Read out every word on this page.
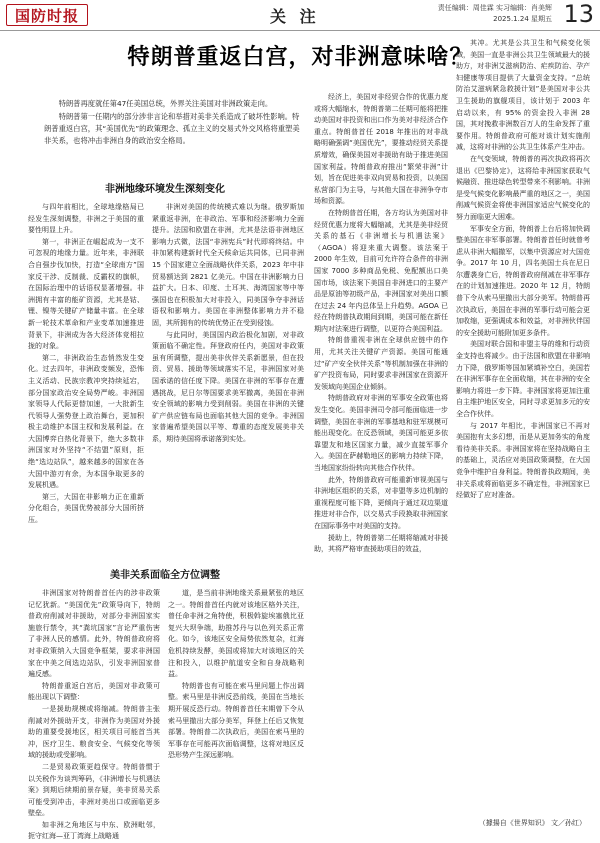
国防时报	关 注	责任编辑：周佳霖 实习编辑：肖美辉
2025.1.24 星期五 13
特朗普重返白宫，对非洲意味啥？

特朗普再度就任第47任美国总统，外界关注美国对非洲政策走向。

特朗普第一任期内的部分涉非言论和举措对美非关系造成了破坏性影响。特朗普重返白宫，其“美国优先”的政策理念、孤立主义的交易式外交风格将重塑美非关系，也将冲击非洲自身的政治安全格局。

非洲地缘环境发生深刻变化

与四年前相比，全球地缘格局已经发生深刻调整，非洲之于美国的重要性明显上升。

第一，非洲正在崛起成为一支不可忽视的地缘力量。近年来，非洲联合自强步伐加快，打造“全球南方”国家反干涉、反制裁、反霸权的旗帜，在国际治理中的话语权显著增强。非洲拥有丰富的能矿资源，尤其是钴、锂、镍等关键矿产储量丰富。在全球新一轮技术革命和产业变革加速推进背景下，非洲成为各大经济体竞相拉拢的对象。

第二，非洲政治生态悄然发生变化。过去四年，非洲政变频发，恐怖主义活动、民族宗教冲突持续延宕，部分国家政治安全局势严峻。非洲国家领导人代际更替加速，一大批新生代领导人强势登上政治舞台，更加积极主动维护本国主权和发展利益。在大国博弈白热化背景下，绝大多数非洲国家对外坚持“不结盟”原则，拒绝“选边站队”，越来越多的国家在各大国中游刃有余，为本国争取更多的发展机遇。

第三，大国在非影响力正在重新分化组合，美国优势被部分大国所挤压。

非洲对美国的传统模式难以为继。俄罗斯加紧重返非洲，在非政治、军事和经济影响力全面提升。法国和欧盟在非洲，尤其是法语非洲地区影响力式微，法国“非洲宪兵”时代即将终结。中非加紧构建新时代全天候命运共同体，已同非洲 15 个国家建立全面战略伙伴关系，2023 年中非贸易额达到 2821 亿美元。中国在非洲影响力日益扩大。日本、印度、土耳其、海湾国家等中等强国也在积极加大对非投入，同美国争夺非洲话语权和影响力。美国在非洲整体影响力并不稳固，其所拥有的传统优势正在受到侵蚀。

与此同时，美国国内政治极化加剧，对非政策面临不确定性。拜登政府任内，美国对非政策虽有所调整，提出美非伙伴关系新愿景，但在投资、贸易、援助等领域落实不足，非洲国家对美国承诺的信任度下降。美国在非洲的军事存在遭遇挑战，尼日尔等国要求美军撤离，美国在非洲安全领域的影响力受到削弱。美国在非洲的关键矿产供应链布局也面临其他大国的竞争。非洲国家普遍希望美国以平等、尊重的态度发展美非关系，期待美国将承诺落到实处。

美非关系面临全方位调整

非洲国家对特朗普首任内的涉非政策记忆犹新。“美国优先”政策导向下，特朗普政府削减对非援助，对部分非洲国家实施旅行禁令，其“粪坑国家”言论严重伤害了非洲人民的感情。此外，特朗普政府将对非政策纳入大国竞争框架，要求非洲国家在中美之间选边站队，引发非洲国家普遍反感。

特朗普重返白宫后，美国对非政策可能出现以下调整：

一是援助规模或将缩减。特朗普主张削减对外援助开支，非洲作为美国对外援助的重要受援地区，相关项目可能首当其冲，医疗卫生、粮食安全、气候变化等领域的援助或受影响。

二是贸易政策更趋保守。特朗普惯于以关税作为谈判筹码，《非洲增长与机遇法案》到期后续期前景存疑，美非贸易关系可能受到冲击，非洲对美出口或面临更多壁垒。

如非洲之角地区与中东、欧洲毗邻，扼守红海—亚丁湾海上战略通

道，是当前非洲地缘关系最紧张的地区之一。特朗普首任内就对该地区格外关注，曾任命非洲之角特使，积极斡旋埃塞俄比亚复兴大坝争端，助推苏丹与以色列关系正常化。如今，该地区安全局势依然复杂，红海危机持续发酵，美国或将加大对该地区的关注和投入，以维护航道安全和自身战略利益。

特朗普也有可能在索马里问题上作出调整。索马里是非洲反恐前线，美国在当地长期开展反恐行动。特朗普首任末期曾下令从索马里撤出大部分美军，拜登上任后又恢复部署。特朗普二次执政后，美国在索马里的军事存在可能再次面临调整，这将对地区反恐形势产生深远影响。

经济上，美国对非经贸合作的优惠力度或将大幅缩水，特朗普第二任期可能将把推动美国对非投资和出口作为美对非经济合作重点。特朗普首任 2018 年推出的对非战略明确强调“美国优先”，要推动经贸关系提质增效，确保美国对非援助有助于推进美国国家利益。特朗普政府推出“繁荣非洲”计划，旨在促进美非双向贸易和投资，以美国私营部门为主导，与其他大国在非洲争夺市场和资源。

在特朗普首任期，各方均认为美国对非经贸优惠力度将大幅缩减，尤其是美非经贸关系的基石《非洲增长与机遇法案》（AGOA）将迎来重大调整。该法案于 2000 年生效，目前可允许符合条件的非洲国家 7000 多种商品免税、免配额出口美国市场，该法案下美国自非洲进口的主要产品是原油等初级产品，非洲国家对美出口额在过去 24 年内总体呈上升趋势。AGOA 已经在特朗普执政期间到期，美国可能在新任期内对法案进行调整，以更符合美国利益。

特朗普重视非洲在全球供应链中的作用，尤其关注关键矿产资源。美国可能通过“矿产安全伙伴关系”等机制加强在非洲的矿产投资布局，同时要求非洲国家在资源开发领域向美国企业倾斜。

特朗普政府对非洲的军事安全政策也将发生变化。美国非洲司令部可能面临进一步调整，美国在非洲的军事基地和驻军规模可能出现变化。在反恐领域，美国可能更多依靠盟友和地区国家力量，减少直接军事介入。美国在萨赫勒地区的影响力持续下降，当地国家纷纷转向其他合作伙伴。

此外，特朗普政府可能重新审视美国与非洲地区组织的关系，对非盟等多边机制的重视程度可能下降，更倾向于通过双边渠道推进对非合作，以交易式手段换取非洲国家在国际事务中对美国的支持。

援助上，特朗普第二任期将缩减对非援助，其将严格审查援助项目的效益，

其冲。尤其是公共卫生和气候变化领域，美国一直是非洲公共卫生领域最大的援助方，对非洲艾滋病防治、疟疾防治、孕产妇健康等项目提供了大量资金支持。“总统防治艾滋病紧急救援计划”是美国对非公共卫生援助的旗舰项目，该计划于 2003 年启动以来，有 95% 的资金投入非洲 28 国，其对挽救非洲数百万人的生命发挥了重要作用。特朗普政府可能对该计划实施削减，这将对非洲的公共卫生体系产生冲击。

在气变领域，特朗普的再次执政将再次退出《巴黎协定》，这将给非洲国家获取气候融资、推进绿色转型带来不利影响。非洲是受气候变化影响最严重的地区之一，美国削减气候资金将使非洲国家适应气候变化的努力面临更大困难。

军事安全方面，特朗普上台后将加快调整美国在非军事部署。特朗普首任时就曾考虑从非洲大幅撤军，以集中资源应对大国竞争。2017 年 10 月，四名美国士兵在尼日尔遭袭身亡后，特朗普政府削减在非军事存在的计划加速推进。2020 年 12 月，特朗普下令从索马里撤出大部分美军。特朗普再次执政后，美国在非洲的军事行动可能会更加收缩，更强调成本和效益，对非洲伙伴国的安全援助可能附加更多条件。

美国对联合国和非盟主导的维和行动资金支持也将减少。由于法国和欧盟在非影响力下降，俄罗斯等国加紧填补空白，美国若在非洲军事存在全面收缩，其在非洲的安全影响力将进一步下降。非洲国家将更加注重自主维护地区安全，同时寻求更加多元的安全合作伙伴。

与 2017 年相比，非洲国家已不再对美国抱有太多幻想，而是从更加务实的角度看待美非关系。非洲国家将在坚持战略自主的基础上，灵活应对美国政策调整，在大国竞争中维护自身利益。特朗普执政期间，美非关系或将面临更多不确定性，非洲国家已经做好了应对准备。

（據揚自《世界知识》 文／孙红）
